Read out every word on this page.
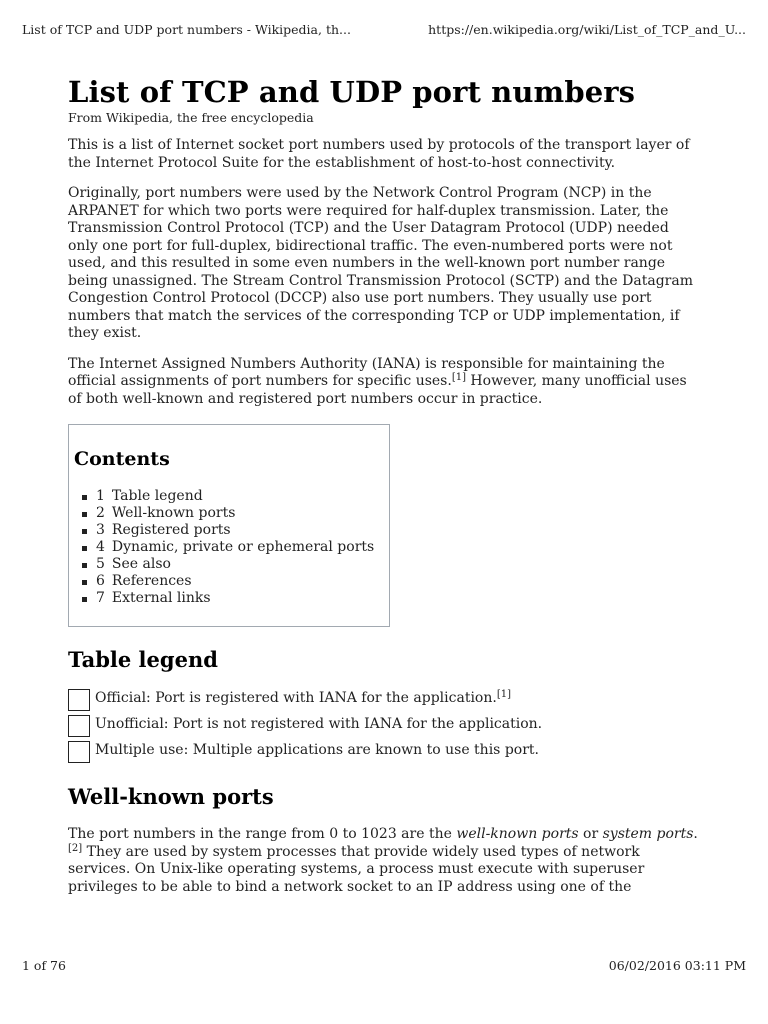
List of TCP and UDP port numbers - Wikipedia, th...	https://en.wikipedia.org/wiki/List_of_TCP_and_U...
List of TCP and UDP port numbers
From Wikipedia, the free encyclopedia

This is a list of Internet socket port numbers used by protocols of the transport layer of the Internet Protocol Suite for the establishment of host-to-host connectivity.

Originally, port numbers were used by the Network Control Program (NCP) in the ARPANET for which two ports were required for half-duplex transmission. Later, the Transmission Control Protocol (TCP) and the User Datagram Protocol (UDP) needed only one port for full-duplex, bidirectional traffic. The even-numbered ports were not used, and this resulted in some even numbers in the well-known port number range being unassigned. The Stream Control Transmission Protocol (SCTP) and the Datagram Congestion Control Protocol (DCCP) also use port numbers. They usually use port numbers that match the services of the corresponding TCP or UDP implementation, if they exist.

The Internet Assigned Numbers Authority (IANA) is responsible for maintaining the official assignments of port numbers for specific uses.[1] However, many unofficial uses of both well-known and registered port numbers occur in practice.

Contents
1 Table legend
2 Well-known ports
3 Registered ports
4 Dynamic, private or ephemeral ports
5 See also
6 References
7 External links
Table legend
Official: Port is registered with IANA for the application.[1]
Unofficial: Port is not registered with IANA for the application.
Multiple use: Multiple applications are known to use this port.
Well-known ports

The port numbers in the range from 0 to 1023 are the well-known ports or system ports.[2] They are used by system processes that provide widely used types of network services. On Unix-like operating systems, a process must execute with superuser privileges to be able to bind a network socket to an IP address using one of the

1 of 76	06/02/2016 03:11 PM
